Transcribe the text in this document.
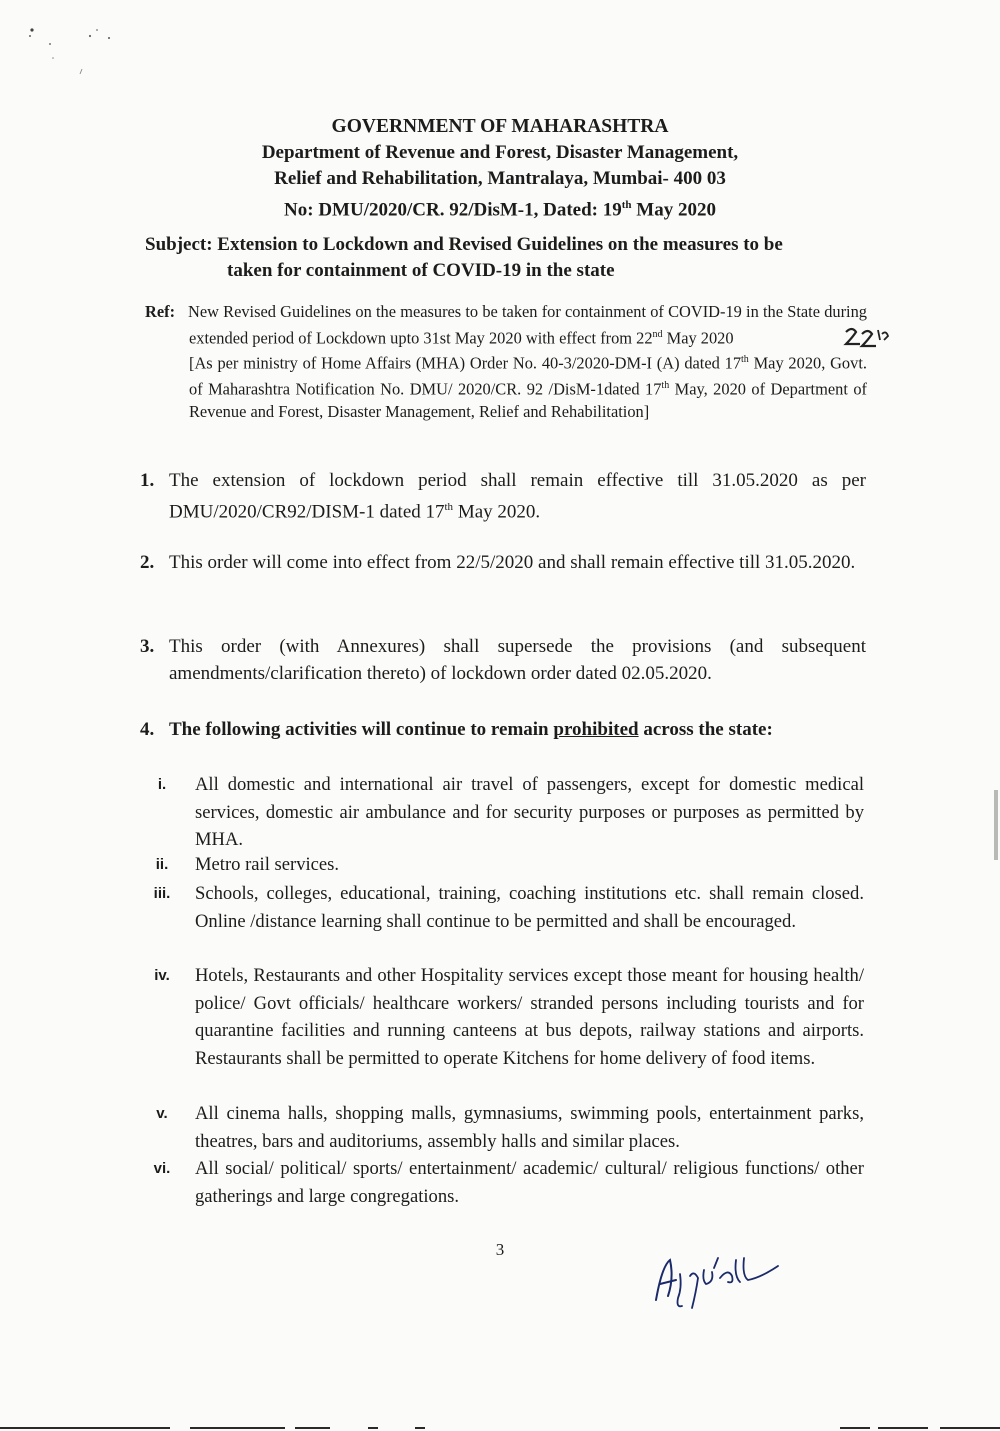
GOVERNMENT OF MAHARASHTRA
Department of Revenue and Forest, Disaster Management,
Relief and Rehabilitation, Mantralaya, Mumbai- 400 03
No: DMU/2020/CR. 92/DisM-1, Dated: 19th May 2020
Subject: Extension to Lockdown and Revised Guidelines on the measures to be
taken for containment of COVID-19 in the state
Ref: New Revised Guidelines on the measures to be taken for containment of COVID-19 in the State during extended period of Lockdown upto 31st May 2020 with effect from 22nd May 2020

[As per ministry of Home Affairs (MHA) Order No. 40-3/2020-DM-I (A) dated 17th May 2020, Govt. of Maharashtra Notification No. DMU/ 2020/CR. 92 /DisM-1dated 17th May, 2020 of Department of Revenue and Forest, Disaster Management, Relief and Rehabilitation]

1. The extension of lockdown period shall remain effective till 31.05.2020 as per DMU/2020/CR92/DISM-1 dated 17th May 2020.
2. This order will come into effect from 22/5/2020 and shall remain effective till 31.05.2020.
3. This order (with Annexures) shall supersede the provisions (and subsequent amendments/clarification thereto) of lockdown order dated 02.05.2020.
4. The following activities will continue to remain prohibited across the state:
i.	All domestic and international air travel of passengers, except for domestic medical services, domestic air ambulance and for security purposes or purposes as permitted by MHA.
ii.	Metro rail services.
iii.	Schools, colleges, educational, training, coaching institutions etc. shall remain closed. Online /distance learning shall continue to be permitted and shall be encouraged.
iv.	Hotels, Restaurants and other Hospitality services except those meant for housing health/ police/ Govt officials/ healthcare workers/ stranded persons including tourists and for quarantine facilities and running canteens at bus depots, railway stations and airports. Restaurants shall be permitted to operate Kitchens for home delivery of food items.
v.	All cinema halls, shopping malls, gymnasiums, swimming pools, entertainment parks, theatres, bars and auditoriums, assembly halls and similar places.
vi.	All social/ political/ sports/ entertainment/ academic/ cultural/ religious functions/ other gatherings and large congregations.
3
